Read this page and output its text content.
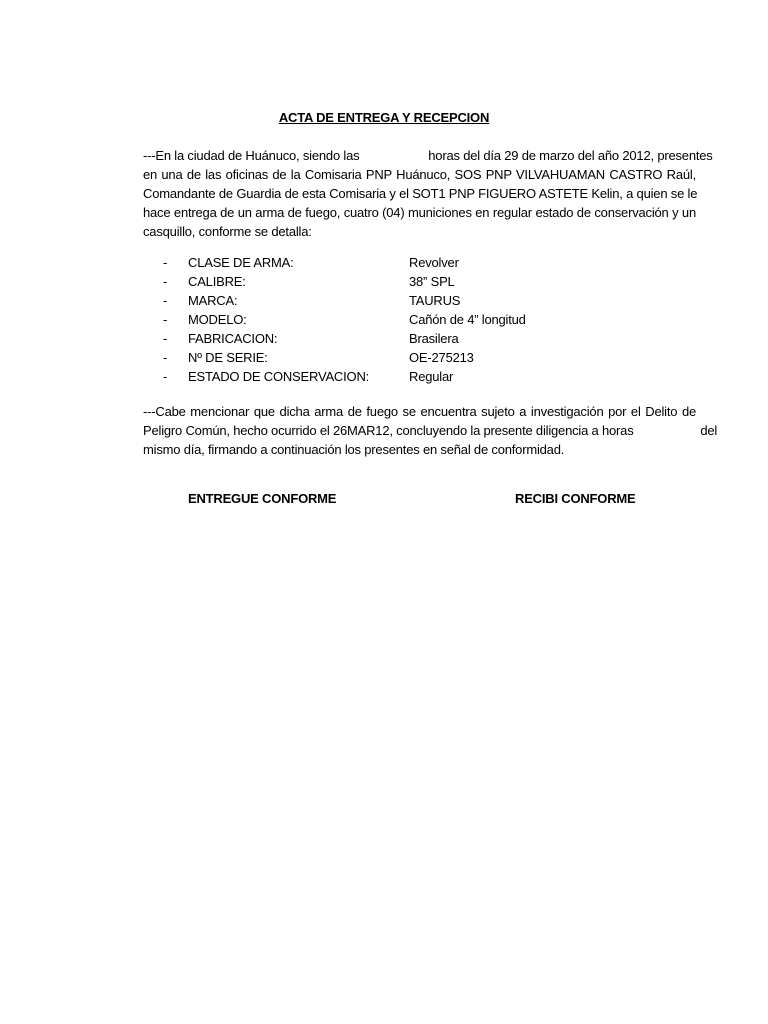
ACTA DE ENTREGA Y RECEPCION
---En la ciudad de Huánuco, siendo las	horas del día 29 de marzo del año 2012, presentes
en una de las oficinas de la Comisaria PNP Huánuco, SOS PNP VILVAHUAMAN CASTRO Raúl,
Comandante de Guardia de esta Comisaria y el SOT1 PNP FIGUERO ASTETE Kelin, a quien se le
hace entrega de un arma de fuego, cuatro (04) municiones en regular estado de conservación y un
casquillo, conforme se detalla:
- CLASE DE ARMA:	Revolver
- CALIBRE:	38” SPL
- MARCA:	TAURUS
- MODELO:	Cañón de 4” longitud
- FABRICACION:	Brasilera
- Nº DE SERIE:	OE-275213
- ESTADO DE CONSERVACION:	Regular
---Cabe mencionar que dicha arma de fuego se encuentra sujeto a investigación por el Delito de
Peligro Común, hecho ocurrido el 26MAR12, concluyendo la presente diligencia a horas	del
mismo día, firmando a continuación los presentes en señal de conformidad.
ENTREGUE CONFORME	RECIBI CONFORME
